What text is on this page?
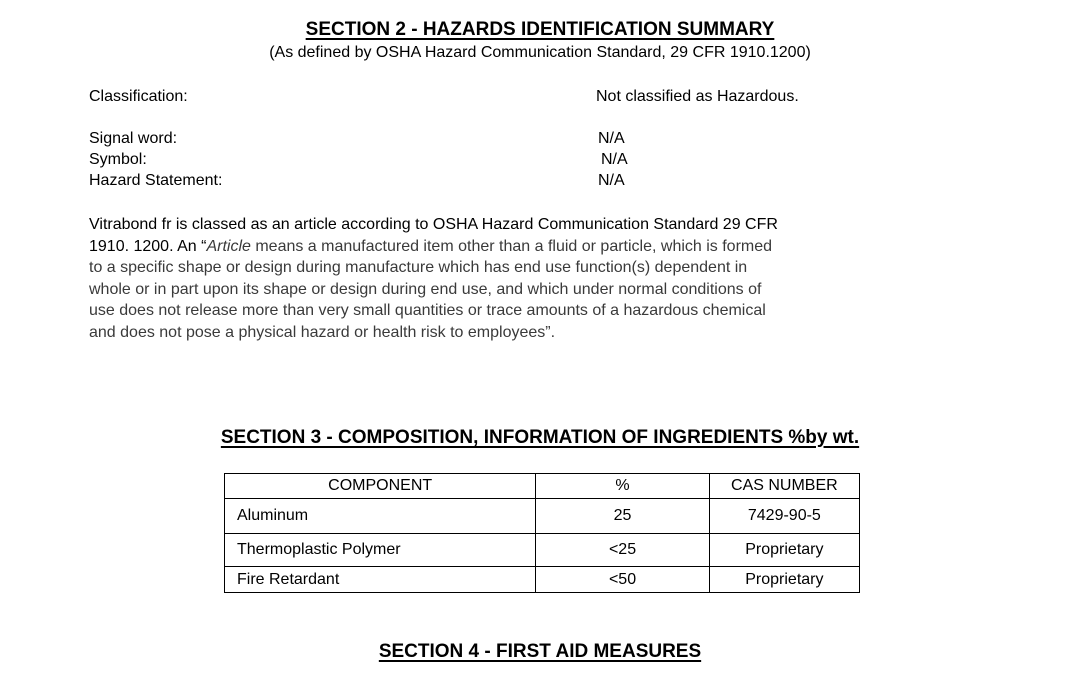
SECTION 2 - HAZARDS IDENTIFICATION SUMMARY
(As defined by OSHA Hazard Communication Standard, 29 CFR 1910.1200)
Classification:	Not classified as Hazardous.
Signal word:	N/A
Symbol:	N/A
Hazard Statement:	N/A
Vitrabond fr is classed as an article according to OSHA Hazard Communication Standard 29 CFR
1910. 1200. An “Article means a manufactured item other than a fluid or particle, which is formed
to a specific shape or design during manufacture which has end use function(s) dependent in
whole or in part upon its shape or design during end use, and which under normal conditions of
use does not release more than very small quantities or trace amounts of a hazardous chemical
and does not pose a physical hazard or health risk to employees”.
SECTION 3 - COMPOSITION, INFORMATION OF INGREDIENTS %by wt.
COMPONENT	%	CAS NUMBER
Aluminum	25	7429-90-5
Thermoplastic Polymer	<25	Proprietary
Fire Retardant	<50	Proprietary
SECTION 4 - FIRST AID MEASURES
